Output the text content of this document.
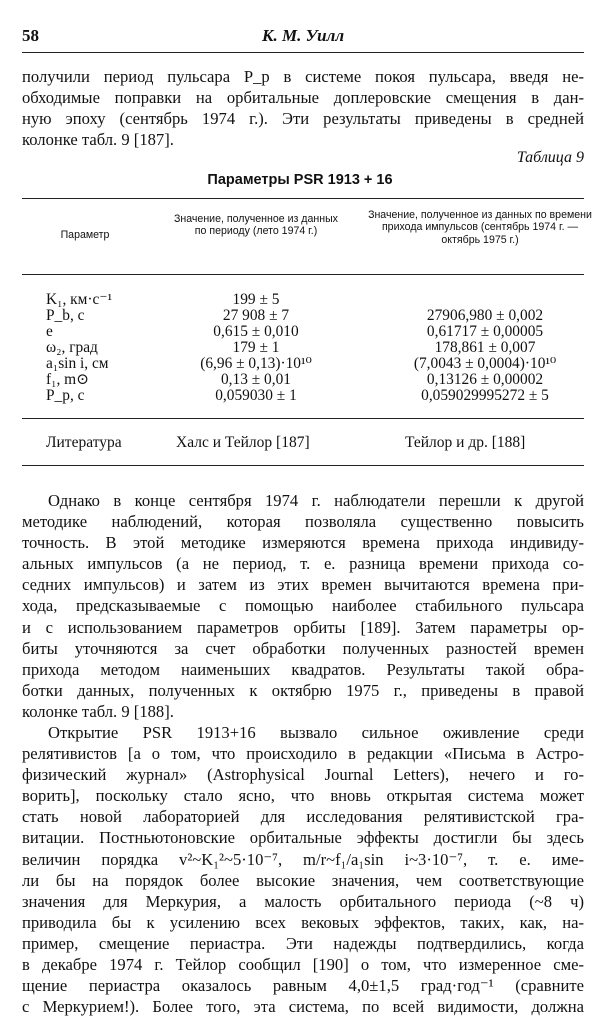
58	К. М. Уилл
получили период пульсара P_p в системе покоя пульсара, введя не-
обходимые поправки на орбитальные доплеровские смещения в дан-
ную эпоху (сентябрь 1974 г.). Эти результаты приведены в средней
колонке табл. 9 [187].
Таблица 9
Параметры PSR 1913 + 16
Параметр
Значение, полученное из данных по периоду (лето 1974 г.)
Значение, полученное из данных по времени прихода импульсов (сентябрь 1974 г. — октябрь 1975 г.)
K₁, км·с⁻¹	199 ± 5
P_b, с	27 908 ± 7	27906,980 ± 0,002
e	0,615 ± 0,010	0,61717 ± 0,00005
ω₂, град	179 ± 1	178,861 ± 0,007
a₁sin i, см	(6,96 ± 0,13)·10¹⁰	(7,0043 ± 0,0004)·10¹⁰
f₁, m⊙	0,13 ± 0,01	0,13126 ± 0,00002
P_p, с	0,059030 ± 1	0,059029995272 ± 5
Литература	Халс и Тейлор [187]	Тейлор и др. [188]
Однако в конце сентября 1974 г. наблюдатели перешли к другой
методике наблюдений, которая позволяла существенно повысить
точность. В этой методике измеряются времена прихода индивиду-
альных импульсов (а не период, т. е. разница времени прихода со-
седних импульсов) и затем из этих времен вычитаются времена при-
хода, предсказываемые с помощью наиболее стабильного пульсара
и с использованием параметров орбиты [189]. Затем параметры ор-
биты уточняются за счет обработки полученных разностей времен
прихода методом наименьших квадратов. Результаты такой обра-
ботки данных, полученных к октябрю 1975 г., приведены в правой
колонке табл. 9 [188].
Открытие PSR 1913+16 вызвало сильное оживление среди
релятивистов [а о том, что происходило в редакции «Письма в Астро-
физический журнал» (Astrophysical Journal Letters), нечего и го-
ворить], поскольку стало ясно, что вновь открытая система может
стать новой лабораторией для исследования релятивистской гра-
витации. Постньютоновские орбитальные эффекты достигли бы здесь
величин порядка v²~K₁²~5·10⁻⁷, m/r~f₁/a₁sin i~3·10⁻⁷, т. е. име-
ли бы на порядок более высокие значения, чем соответствующие
значения для Меркурия, а малость орбитального периода (~8 ч)
приводила бы к усилению всех вековых эффектов, таких, как, на-
пример, смещение периастра. Эти надежды подтвердились, когда
в декабре 1974 г. Тейлор сообщил [190] о том, что измеренное сме-
щение периастра оказалось равным 4,0±1,5 град·год⁻¹ (сравните
с Меркурием!). Более того, эта система, по всей видимости, должна
